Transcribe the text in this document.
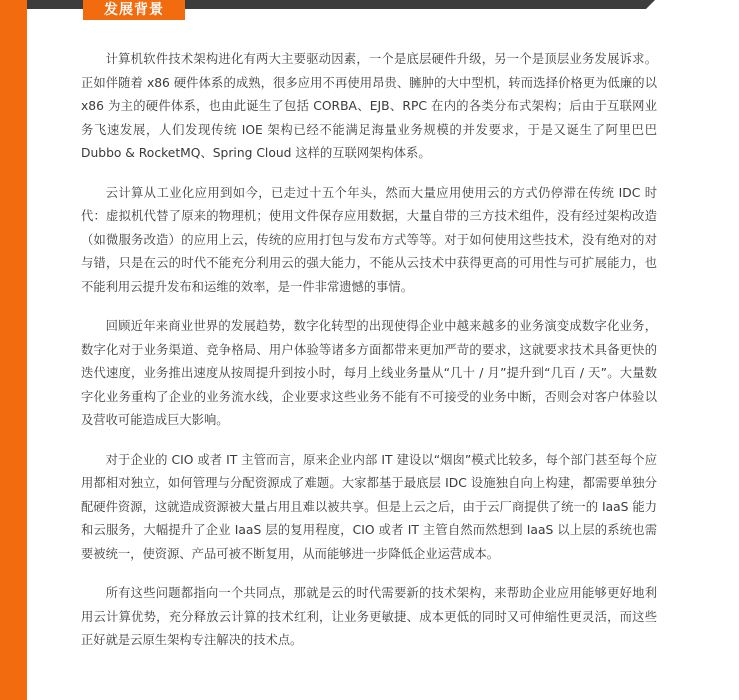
发展背景

计算机软件技术架构进化有两大主要驱动因素，一个是底层硬件升级，另一个是顶层业务发展诉求。正如伴随着 x86 硬件体系的成熟，很多应用不再使用昂贵、臃肿的大中型机，转而选择价格更为低廉的以 x86 为主的硬件体系，也由此诞生了包括 CORBA、EJB、RPC 在内的各类分布式架构；后由于互联网业务飞速发展，人们发现传统 IOE 架构已经不能满足海量业务规模的并发要求，于是又诞生了阿里巴巴 Dubbo & RocketMQ、Spring Cloud 这样的互联网架构体系。

云计算从工业化应用到如今，已走过十五个年头，然而大量应用使用云的方式仍停滞在传统 IDC 时代：虚拟机代替了原来的物理机；使用文件保存应用数据，大量自带的三方技术组件，没有经过架构改造（如微服务改造）的应用上云，传统的应用打包与发布方式等等。对于如何使用这些技术，没有绝对的对与错，只是在云的时代不能充分利用云的强大能力，不能从云技术中获得更高的可用性与可扩展能力，也不能利用云提升发布和运维的效率，是一件非常遗憾的事情。

回顾近年来商业世界的发展趋势，数字化转型的出现使得企业中越来越多的业务演变成数字化业务，数字化对于业务渠道、竞争格局、用户体验等诸多方面都带来更加严苛的要求，这就要求技术具备更快的迭代速度，业务推出速度从按周提升到按小时，每月上线业务量从“几十 / 月”提升到“几百 / 天”。大量数字化业务重构了企业的业务流水线，企业要求这些业务不能有不可接受的业务中断，否则会对客户体验以及营收可能造成巨大影响。

对于企业的 CIO 或者 IT 主管而言，原来企业内部 IT 建设以“烟囱”模式比较多，每个部门甚至每个应用都相对独立，如何管理与分配资源成了难题。大家都基于最底层 IDC 设施独自向上构建，都需要单独分配硬件资源，这就造成资源被大量占用且难以被共享。但是上云之后，由于云厂商提供了统一的 IaaS 能力和云服务，大幅提升了企业 IaaS 层的复用程度，CIO 或者 IT 主管自然而然想到 IaaS 以上层的系统也需要被统一，使资源、产品可被不断复用，从而能够进一步降低企业运营成本。

所有这些问题都指向一个共同点，那就是云的时代需要新的技术架构，来帮助企业应用能够更好地利用云计算优势，充分释放云计算的技术红利，让业务更敏捷、成本更低的同时又可伸缩性更灵活，而这些正好就是云原生架构专注解决的技术点。
